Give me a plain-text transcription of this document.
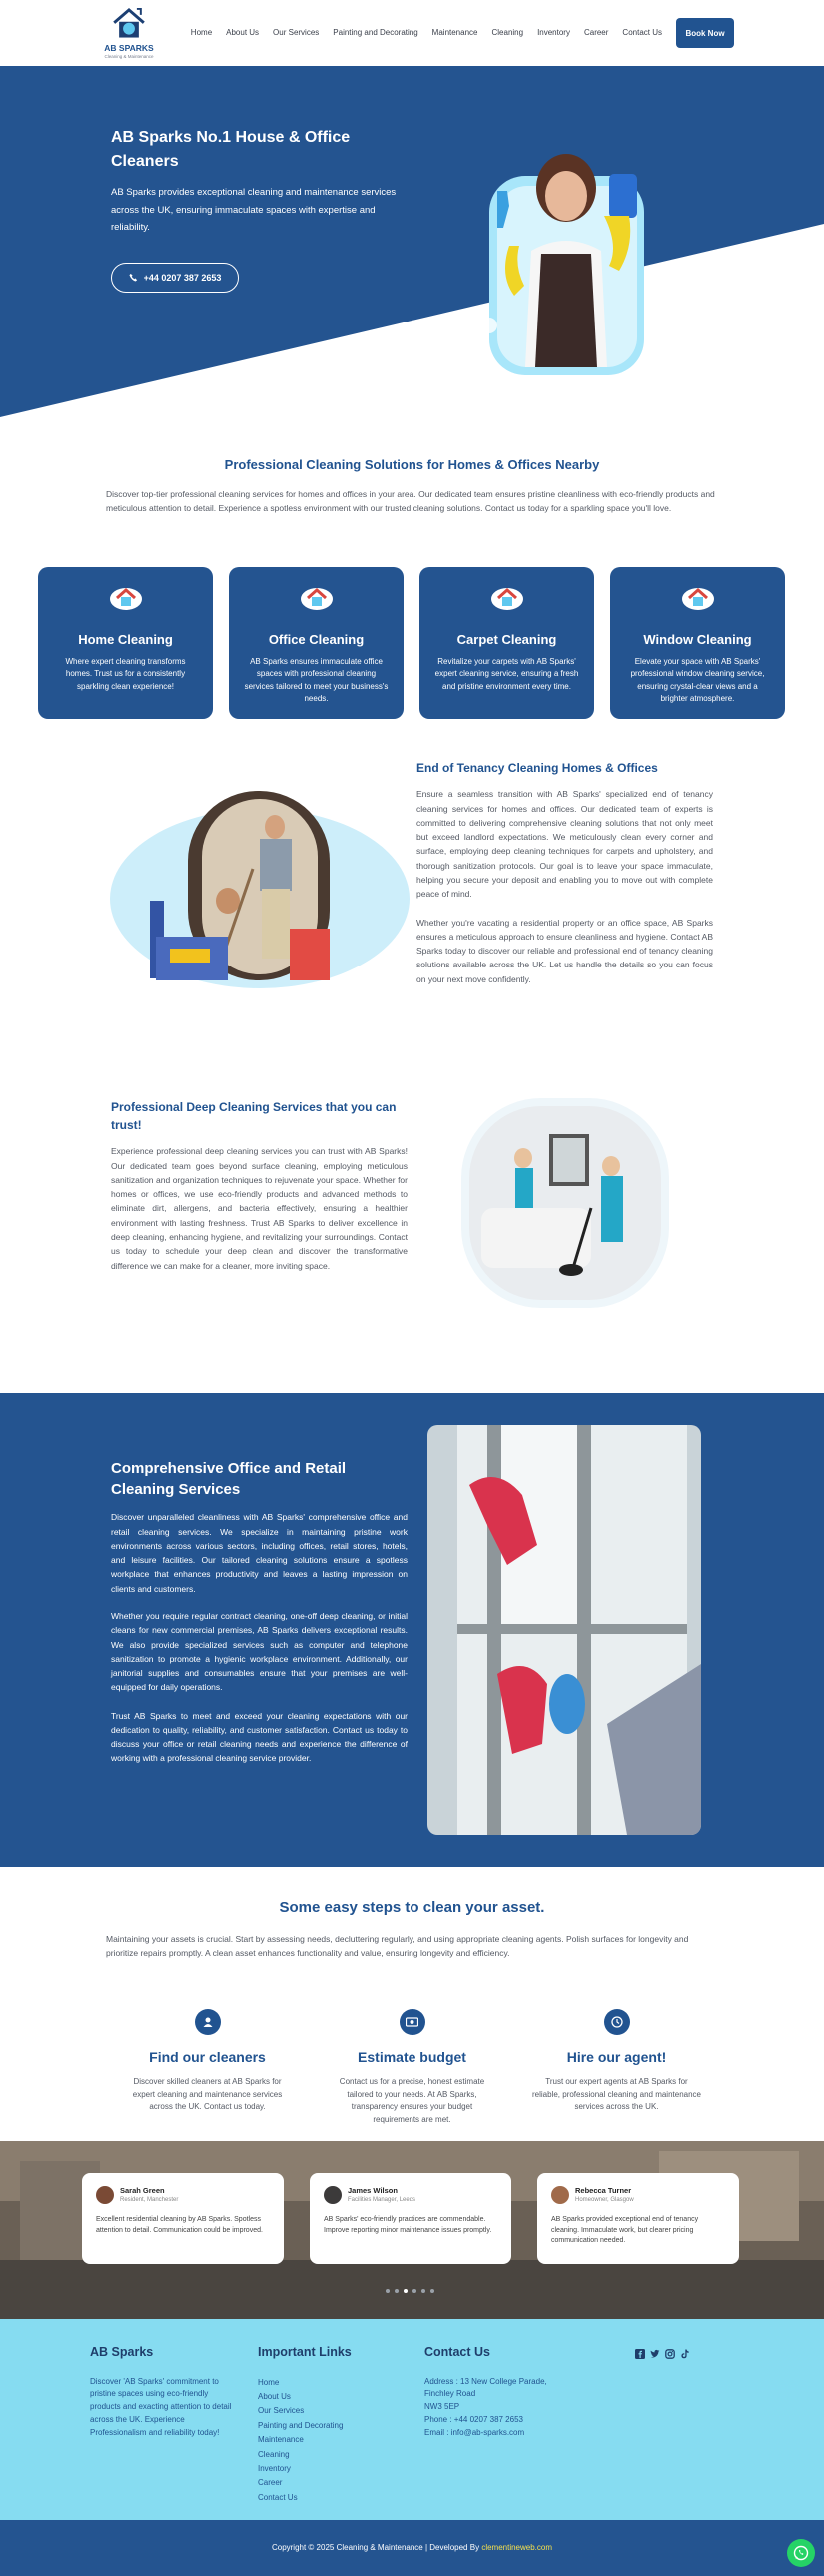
AB SPARKS
Cleaning & Maintenance
Home About Us Our Services Painting and Decorating Maintenance Cleaning Inventory Career Contact Us	Book Now
AB Sparks No.1 House & Office Cleaners

AB Sparks provides exceptional cleaning and maintenance services across the UK, ensuring immaculate spaces with expertise and reliability.

+44 0207 387 2653
Professional Cleaning Solutions for Homes & Offices Nearby

Discover top-tier professional cleaning services for homes and offices in your area. Our dedicated team ensures pristine cleanliness with eco-friendly products and meticulous attention to detail. Experience a spotless environment with our trusted cleaning solutions. Contact us today for a sparkling space you'll love.

Home Cleaning
Where expert cleaning transforms homes. Trust us for a consistently sparkling clean experience!
Office Cleaning
AB Sparks ensures immaculate office spaces with professional cleaning services tailored to meet your business's needs.
Carpet Cleaning
Revitalize your carpets with AB Sparks' expert cleaning service, ensuring a fresh and pristine environment every time.
Window Cleaning
Elevate your space with AB Sparks' professional window cleaning service, ensuring crystal-clear views and a brighter atmosphere.
End of Tenancy Cleaning Homes & Offices

Ensure a seamless transition with AB Sparks' specialized end of tenancy cleaning services for homes and offices. Our dedicated team of experts is committed to delivering comprehensive cleaning solutions that not only meet but exceed landlord expectations. We meticulously clean every corner and surface, employing deep cleaning techniques for carpets and upholstery, and thorough sanitization protocols. Our goal is to leave your space immaculate, helping you secure your deposit and enabling you to move out with complete peace of mind.

Whether you're vacating a residential property or an office space, AB Sparks ensures a meticulous approach to ensure cleanliness and hygiene. Contact AB Sparks today to discover our reliable and professional end of tenancy cleaning solutions available across the UK. Let us handle the details so you can focus on your next move confidently.

Professional Deep Cleaning Services that you can trust!

Experience professional deep cleaning services you can trust with AB Sparks! Our dedicated team goes beyond surface cleaning, employing meticulous sanitization and organization techniques to rejuvenate your space. Whether for homes or offices, we use eco-friendly products and advanced methods to eliminate dirt, allergens, and bacteria effectively, ensuring a healthier environment with lasting freshness. Trust AB Sparks to deliver excellence in deep cleaning, enhancing hygiene, and revitalizing your surroundings. Contact us today to schedule your deep clean and discover the transformative difference we can make for a cleaner, more inviting space.

Comprehensive Office and Retail Cleaning Services

Discover unparalleled cleanliness with AB Sparks' comprehensive office and retail cleaning services. We specialize in maintaining pristine work environments across various sectors, including offices, retail stores, hotels, and leisure facilities. Our tailored cleaning solutions ensure a spotless workplace that enhances productivity and leaves a lasting impression on clients and customers.

Whether you require regular contract cleaning, one-off deep cleaning, or initial cleans for new commercial premises, AB Sparks delivers exceptional results. We also provide specialized services such as computer and telephone sanitization to promote a hygienic workplace environment. Additionally, our janitorial supplies and consumables ensure that your premises are well-equipped for daily operations.

Trust AB Sparks to meet and exceed your cleaning expectations with our dedication to quality, reliability, and customer satisfaction. Contact us today to discuss your office or retail cleaning needs and experience the difference of working with a professional cleaning service provider.

Some easy steps to clean your asset.

Maintaining your assets is crucial. Start by assessing needs, decluttering regularly, and using appropriate cleaning agents. Polish surfaces for longevity and prioritize repairs promptly. A clean asset enhances functionality and value, ensuring longevity and efficiency.

Find our cleaners
Discover skilled cleaners at AB Sparks for expert cleaning and maintenance services across the UK. Contact us today.
Estimate budget
Contact us for a precise, honest estimate tailored to your needs. At AB Sparks, transparency ensures your budget requirements are met.
Hire our agent!
Trust our expert agents at AB Sparks for reliable, professional cleaning and maintenance services across the UK.
Sarah Green
Resident, Manchester
Excellent residential cleaning by AB Sparks. Spotless attention to detail. Communication could be improved.
James Wilson
Facilities Manager, Leeds
AB Sparks' eco-friendly practices are commendable. Improve reporting minor maintenance issues promptly.
Rebecca Turner
Homeowner, Glasgow
AB Sparks provided exceptional end of tenancy cleaning. Immaculate work, but clearer pricing communication needed.
AB Sparks

Discover 'AB Sparks' commitment to pristine spaces using eco-friendly products and exacting attention to detail across the UK. Experience Professionalism and reliability today!

Important Links
Home
About Us
Our Services
Painting and Decorating
Maintenance
Cleaning
Inventory
Career
Contact Us
Contact Us
Address : 13 New College Parade,
Finchley Road
NW3 5EP
Phone : +44 0207 387 2653
Email : info@ab-sparks.com
Copyright © 2025 Cleaning & Maintenance | Developed By clementineweb.com
